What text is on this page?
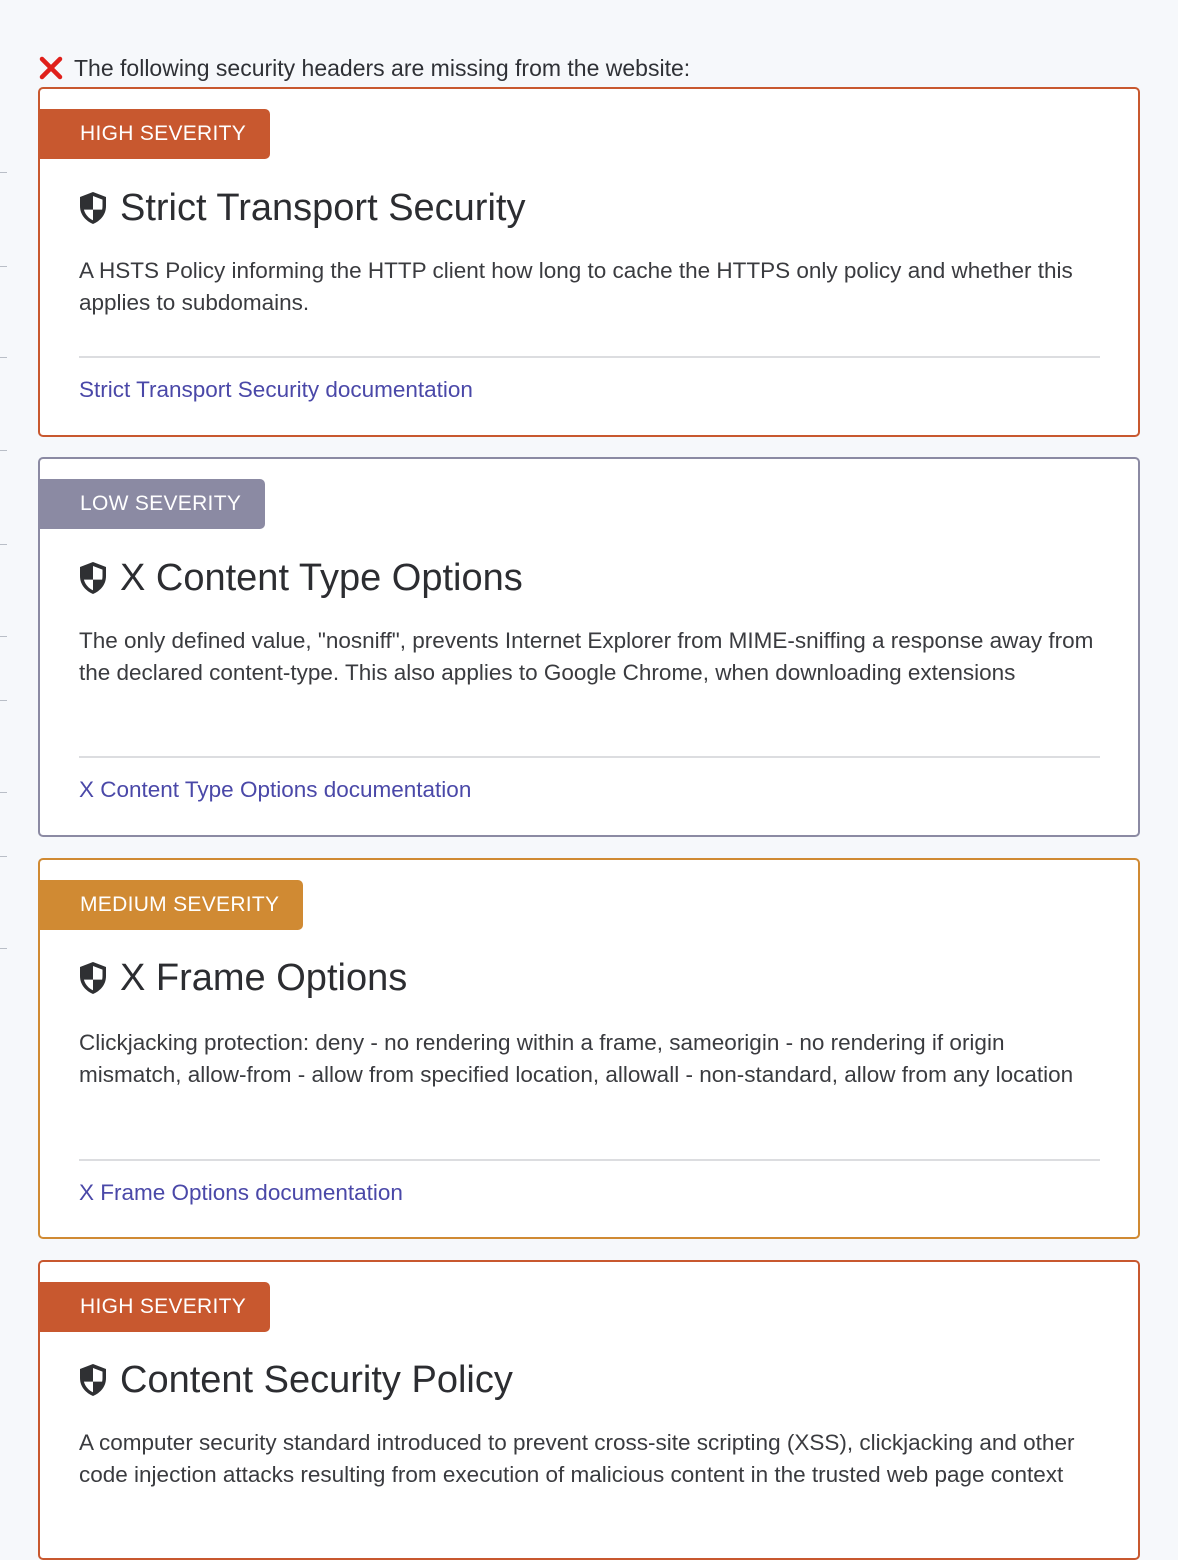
The following security headers are missing from the website:
HIGH SEVERITY
Strict Transport Security
A HSTS Policy informing the HTTP client how long to cache the HTTPS only policy and whether this applies to subdomains.
Strict Transport Security documentation
LOW SEVERITY
X Content Type Options
The only defined value, "nosniff", prevents Internet Explorer from MIME-sniffing a response away from the declared content-type. This also applies to Google Chrome, when downloading extensions
X Content Type Options documentation
MEDIUM SEVERITY
X Frame Options
Clickjacking protection: deny - no rendering within a frame, sameorigin - no rendering if origin mismatch, allow-from - allow from specified location, allowall - non-standard, allow from any location
X Frame Options documentation
HIGH SEVERITY
Content Security Policy
A computer security standard introduced to prevent cross-site scripting (XSS), clickjacking and other code injection attacks resulting from execution of malicious content in the trusted web page context
